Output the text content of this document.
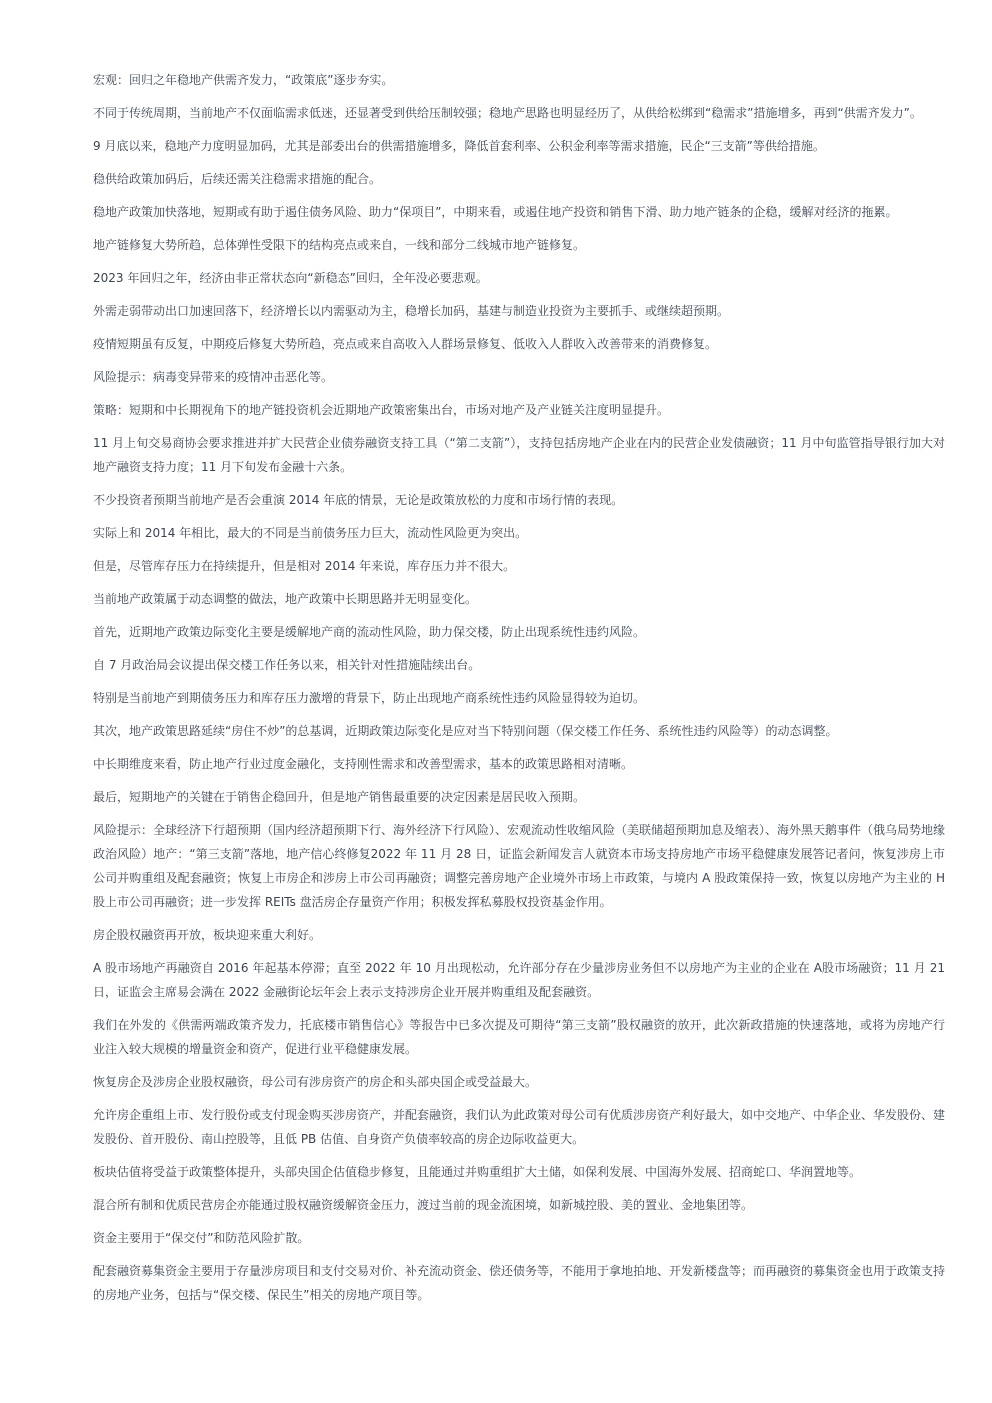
宏观：回归之年稳地产供需齐发力，“政策底”逐步夯实。

不同于传统周期，当前地产不仅面临需求低迷，还显著受到供给压制较强；稳地产思路也明显经历了，从供给松绑到“稳需求”措施增多，再到“供需齐发力”。

9 月底以来，稳地产力度明显加码，尤其是部委出台的供需措施增多，降低首套利率、公积金利率等需求措施，民企“三支箭”等供给措施。

稳供给政策加码后，后续还需关注稳需求措施的配合。

稳地产政策加快落地，短期或有助于遏住债务风险、助力“保项目”，中期来看，或遏住地产投资和销售下滑、助力地产链条的企稳，缓解对经济的拖累。

地产链修复大势所趋，总体弹性受限下的结构亮点或来自，一线和部分二线城市地产链修复。

2023 年回归之年，经济由非正常状态向“新稳态”回归，全年没必要悲观。

外需走弱带动出口加速回落下，经济增长以内需驱动为主，稳增长加码，基建与制造业投资为主要抓手、或继续超预期。

疫情短期虽有反复，中期疫后修复大势所趋，亮点或来自高收入人群场景修复、低收入人群收入改善带来的消费修复。

风险提示：病毒变异带来的疫情冲击恶化等。

策略：短期和中长期视角下的地产链投资机会近期地产政策密集出台，市场对地产及产业链关注度明显提升。

11 月上旬交易商协会要求推进并扩大民营企业债券融资支持工具（“第二支箭”），支持包括房地产企业在内的民营企业发债融资；11 月中旬监管指导银行加大对地产融资支持力度；11 月下旬发布金融十六条。

不少投资者预期当前地产是否会重演 2014 年底的情景，无论是政策放松的力度和市场行情的表现。

实际上和 2014 年相比，最大的不同是当前债务压力巨大，流动性风险更为突出。

但是，尽管库存压力在持续提升，但是相对 2014 年来说，库存压力并不很大。

当前地产政策属于动态调整的做法，地产政策中长期思路并无明显变化。

首先，近期地产政策边际变化主要是缓解地产商的流动性风险，助力保交楼，防止出现系统性违约风险。

自 7 月政治局会议提出保交楼工作任务以来，相关针对性措施陆续出台。

特别是当前地产到期债务压力和库存压力激增的背景下，防止出现地产商系统性违约风险显得较为迫切。

其次，地产政策思路延续“房住不炒”的总基调，近期政策边际变化是应对当下特别问题（保交楼工作任务、系统性违约风险等）的动态调整。

中长期维度来看，防止地产行业过度金融化，支持刚性需求和改善型需求，基本的政策思路相对清晰。

最后，短期地产的关键在于销售企稳回升，但是地产销售最重要的决定因素是居民收入预期。

风险提示：全球经济下行超预期（国内经济超预期下行、海外经济下行风险）、宏观流动性收缩风险（美联储超预期加息及缩表）、海外黑天鹅事件（俄乌局势地缘政治风险）地产：“第三支箭”落地，地产信心终修复2022 年 11 月 28 日，证监会新闻发言人就资本市场支持房地产市场平稳健康发展答记者问，恢复涉房上市公司并购重组及配套融资；恢复上市房企和涉房上市公司再融资；调整完善房地产企业境外市场上市政策，与境内 A 股政策保持一致，恢复以房地产为主业的 H股上市公司再融资；进一步发挥 REITs 盘活房企存量资产作用；积极发挥私募股权投资基金作用。

房企股权融资再开放，板块迎来重大利好。

A 股市场地产再融资自 2016 年起基本停滞；直至 2022 年 10 月出现松动，允许部分存在少量涉房业务但不以房地产为主业的企业在 A股市场融资；11 月 21 日，证监会主席易会满在 2022 金融街论坛年会上表示支持涉房企业开展并购重组及配套融资。

我们在外发的《供需两端政策齐发力，托底楼市销售信心》等报告中已多次提及可期待“第三支箭”股权融资的放开，此次新政措施的快速落地，或将为房地产行业注入较大规模的增量资金和资产，促进行业平稳健康发展。

恢复房企及涉房企业股权融资，母公司有涉房资产的房企和头部央国企或受益最大。

允许房企重组上市、发行股份或支付现金购买涉房资产，并配套融资，我们认为此政策对母公司有优质涉房资产利好最大，如中交地产、中华企业、华发股份、建发股份、首开股份、南山控股等，且低 PB 估值、自身资产负债率较高的房企边际收益更大。

板块估值将受益于政策整体提升，头部央国企估值稳步修复，且能通过并购重组扩大土储，如保利发展、中国海外发展、招商蛇口、华润置地等。

混合所有制和优质民营房企亦能通过股权融资缓解资金压力，渡过当前的现金流困境，如新城控股、美的置业、金地集团等。

资金主要用于“保交付”和防范风险扩散。

配套融资募集资金主要用于存量涉房项目和支付交易对价、补充流动资金、偿还债务等，不能用于拿地拍地、开发新楼盘等；而再融资的募集资金也用于政策支持的房地产业务，包括与“保交楼、保民生”相关的房地产项目等。
